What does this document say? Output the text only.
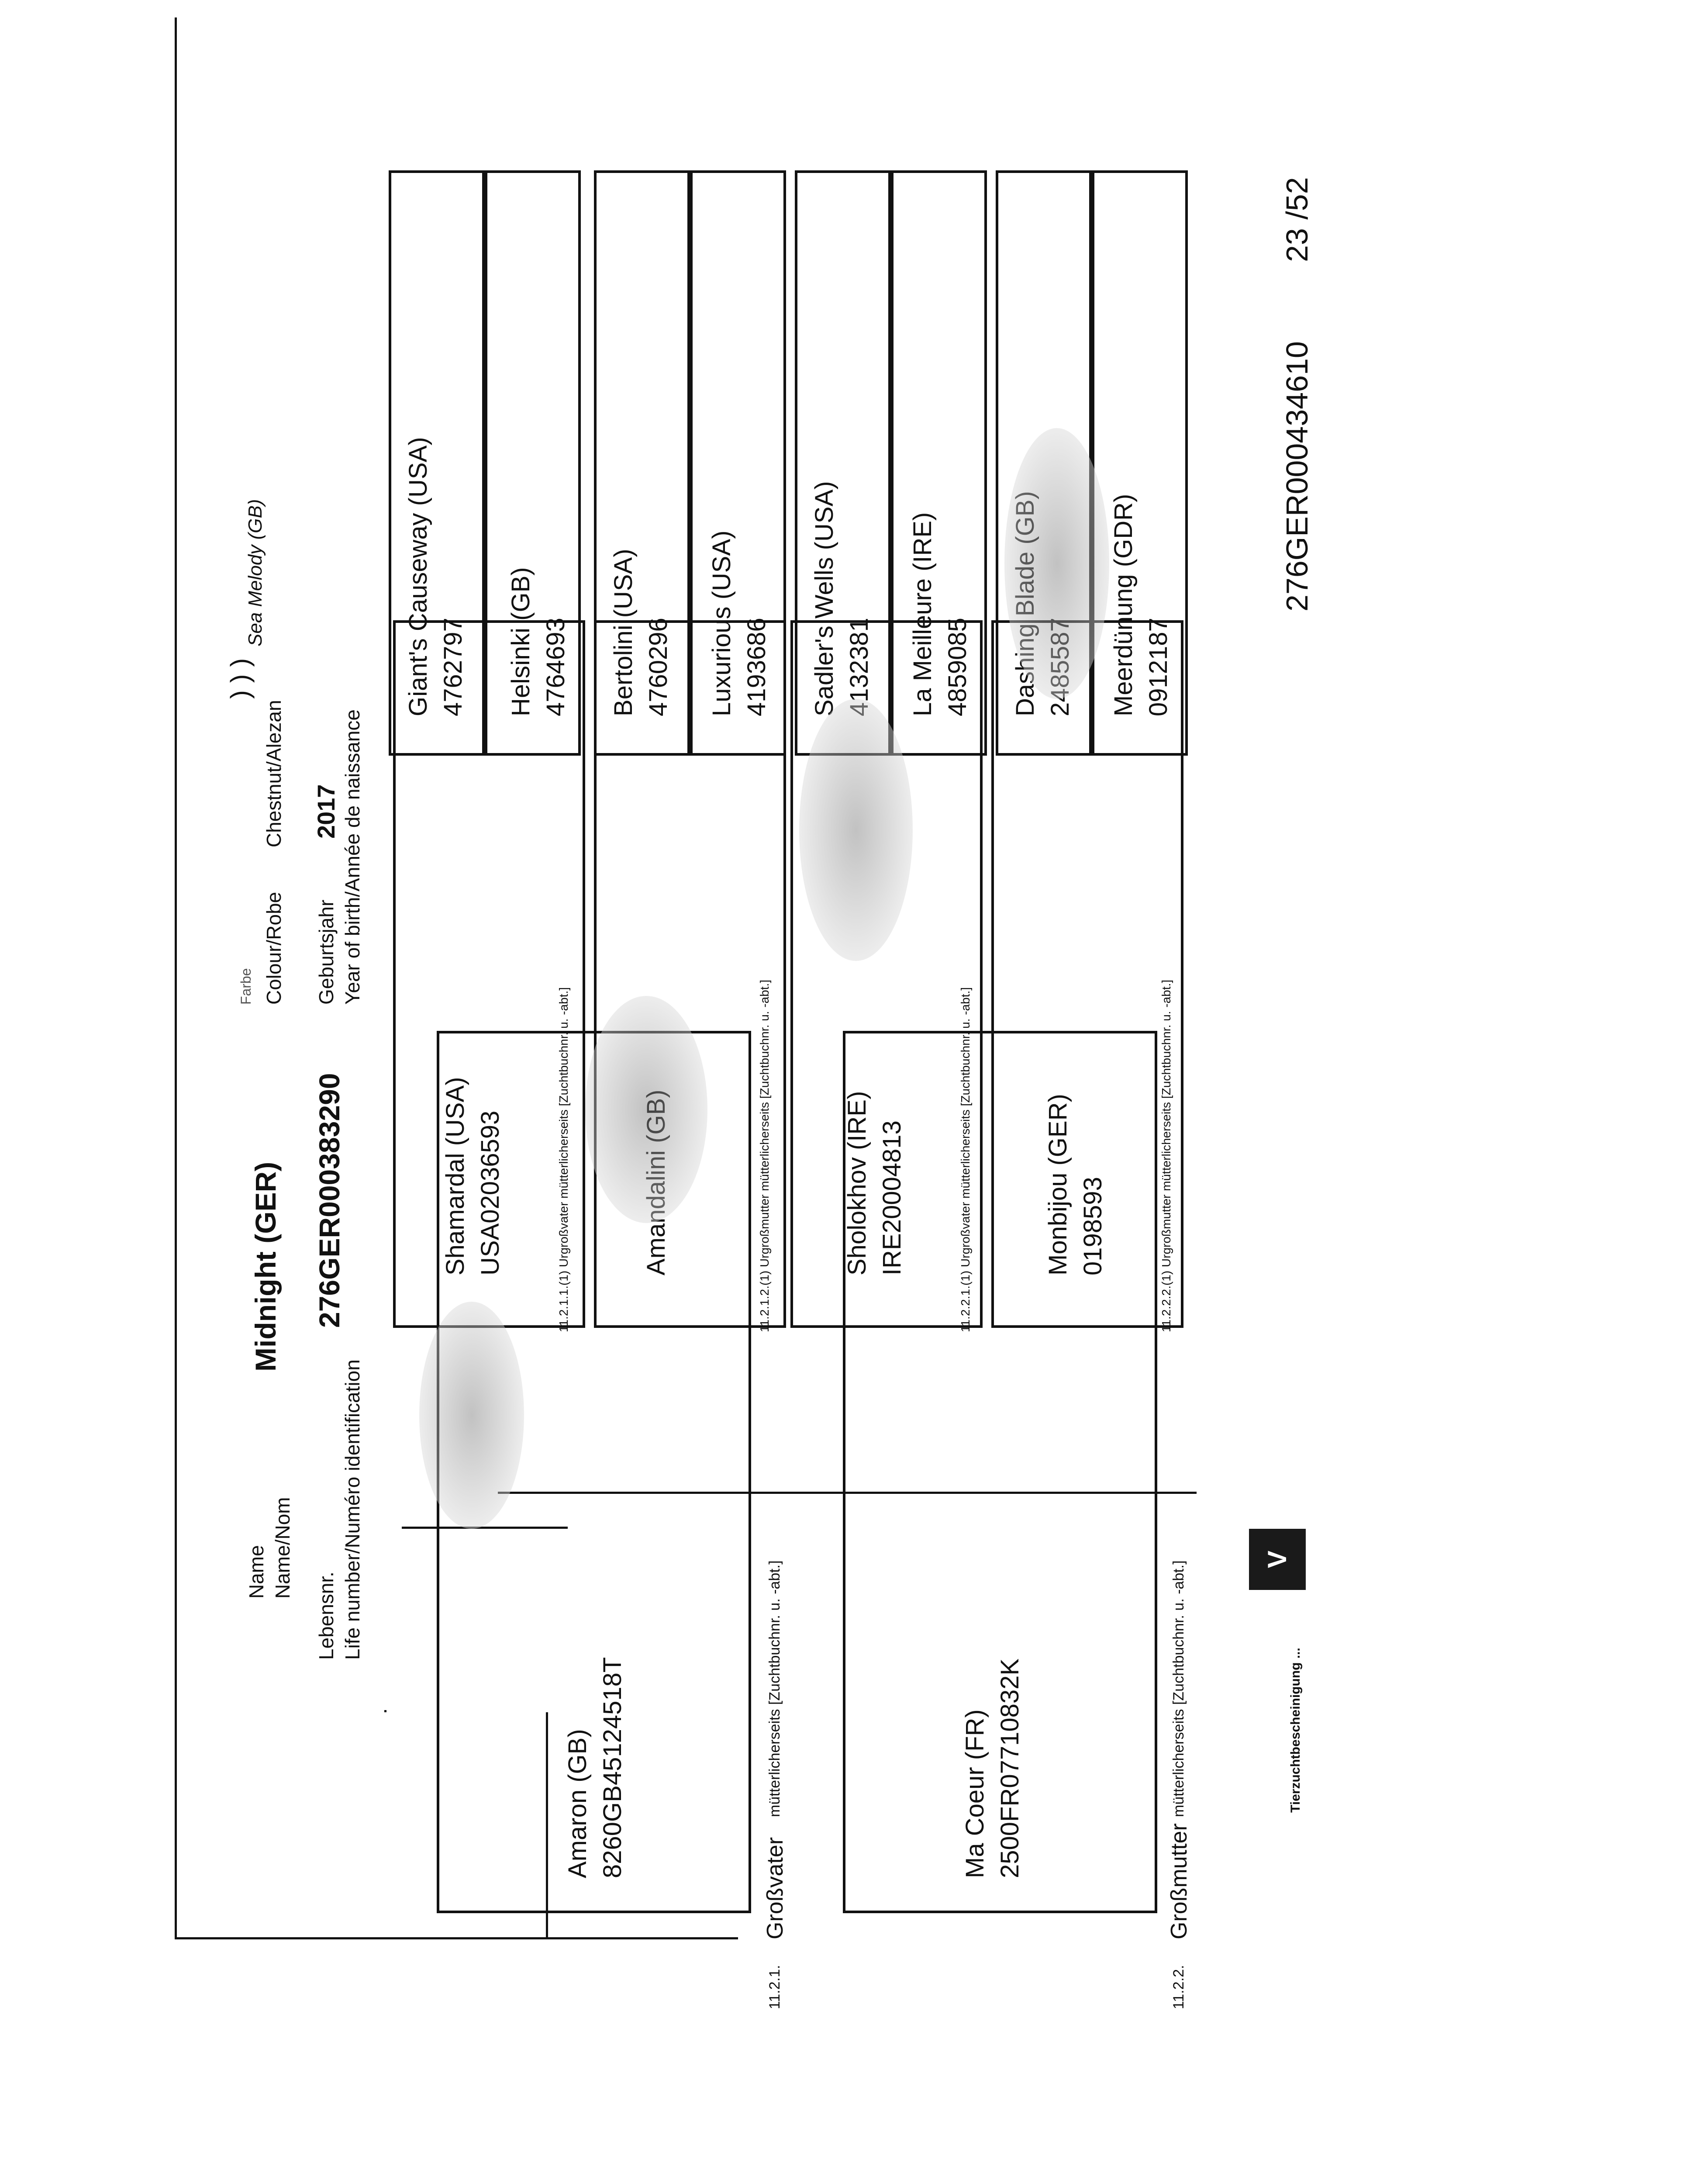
Name Name/Nom
Midnight (GER)
Lebensnr. Life number/Numéro identification
276GER000383290
Colour/Robe
Chestnut/Alezan
Farbe	Geburtsjahr
2017 Year of birth/Année de naissance
Sea Melody (GB)
) ) )
Amaron (GB) 8260GB45124518T
11.2.1.
Großvater
mütterlicherseits [Zuchtbuchnr. u. -abt.]	Ma Coeur (FR) 2500FR07710832K
11.2.2.
Großmutter
mütterlicherseits [Zuchtbuchnr. u. -abt.]
Shamardal (USA) USA02036593	11.2.1.1.(1) Urgroßvater mütterlicherseits [Zuchtbuchnr. u. -abt.]	Amandalini (GB)	11.2.1.2.(1) Urgroßmutter mütterlicherseits [Zuchtbuchnr. u. -abt.]	Sholokhov (IRE) IRE20004813	11.2.2.1.(1) Urgroßvater mütterlicherseits [Zuchtbuchnr. u. -abt.]	Monbijou (GER) 0198593	11.2.2.2.(1) Urgroßmutter mütterlicherseits [Zuchtbuchnr. u. -abt.]
Giant's Causeway (USA) 4762797 Helsinki (GB) 4764693 Bertolini (USA) 4760296 Luxurious (USA) 4193686 Sadler's Wells (USA) 4132381 La Meilleure (IRE) 4859085 Dashing Blade (GB) 2485587 Meerdünung (GDR) 0912187
Tierzuchtbescheinigung ...
V
276GER000434610
23 /52
